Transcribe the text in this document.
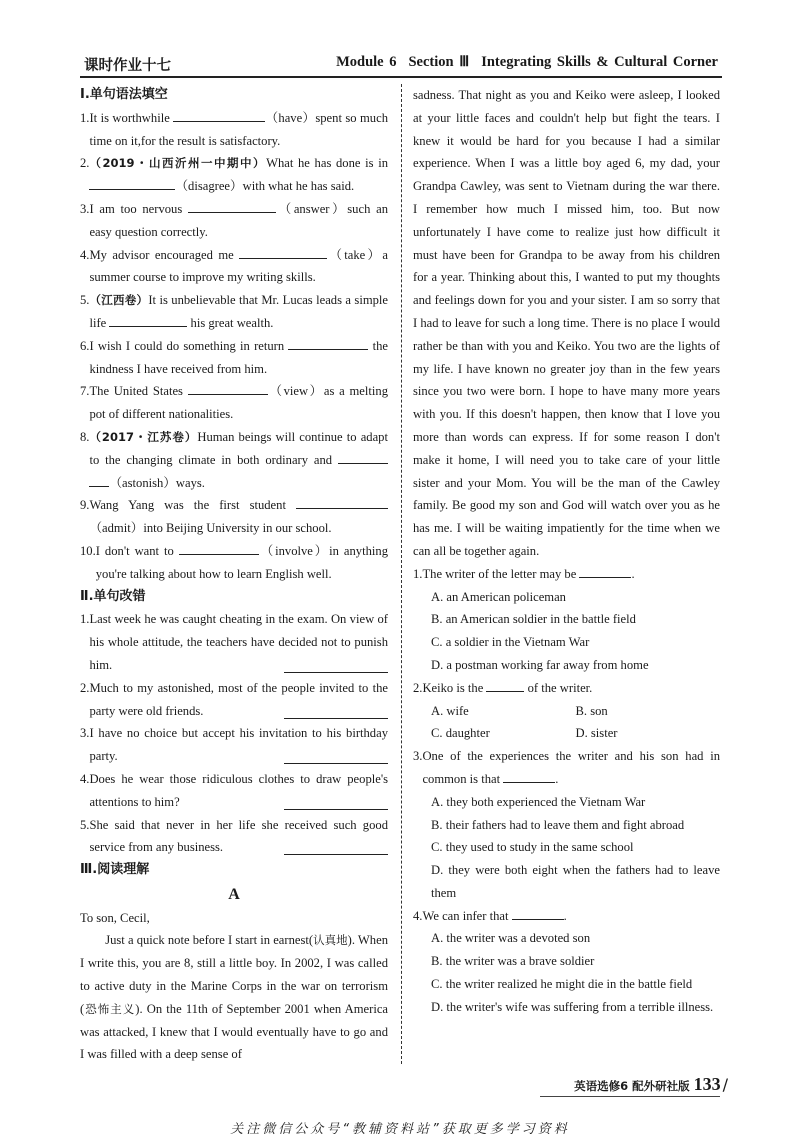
课时作业十七	Module 6 Section Ⅲ Integrating Skills & Cultural Corner
Ⅰ.单句语法填空
1. It is worthwhile	（have）spent so much time on it,for the result is satisfactory.
2. （2019・山西沂州一中期中）What he has done is in （disagree）with what he has said.
3. I am too nervous	（answer）such an easy question correctly.
4. My advisor encouraged me	（take）a summer course to improve my writing skills.
5. （江西卷）It is unbelievable that Mr. Lucas leads a simple life	his great wealth.
6. I wish I could do something in return	the kindness I have received from him.
7. The United States	（view）as a melting pot of different nationalities.
8. （2017・江苏卷）Human beings will continue to adapt to the changing climate in both ordinary and  （astonish）ways.
9. Wang Yang was the first student （admit）into Beijing University in our school.
10. I don't want to	（involve）in anything you're talking about how to learn English well.
Ⅱ.单句改错
1. Last week he was caught cheating in the exam. On view of his whole attitude, the teachers have decided not to punish him.
2. Much to my astonished, most of the people invited to the party were old friends.
3. I have no choice but accept his invitation to his birthday party.
4. Does he wear those ridiculous clothes to draw people's attentions to him?
5. She said that never in her life she received such good service from any business.
Ⅲ.阅读理解
A
To son, Cecil,
Just a quick note before I start in earnest(认真地). When I write this, you are 8, still a little boy. In 2002, I was called to active duty in the Marine Corps in the war on terrorism (恐怖主义). On the 11th of September 2001 when America was attacked, I knew that I would eventually have to go and I was filled with a deep sense of
sadness. That night as you and Keiko were asleep, I looked at your little faces and couldn't help but fight the tears. I knew it would be hard for you because I had a similar experience. When I was a little boy aged 6, my dad, your Grandpa Cawley, was sent to Vietnam during the war there. I remember how much I missed him, too. But now unfortunately I have come to realize just how difficult it must have been for Grandpa to be away from his children for a year. Thinking about this, I wanted to put my thoughts and feelings down for you and your sister. I am so sorry that I had to leave for such a long time. There is no place I would rather be than with you and Keiko. You two are the lights of my life. I have known no greater joy than in the few years since you two were born. I hope to have many more years with you. If this doesn't happen, then know that I love you more than words can express. If for some reason I don't make it home, I will need you to take care of your little sister and your Mom. You will be the man of the Cawley family. Be good my son and God will watch over you as he has me. I will be waiting impatiently for the time when we can all be together again.
1. The writer of the letter may be	.
A. an American policeman
B. an American soldier in the battle field
C. a soldier in the Vietnam War
D. a postman working far away from home
2. Keiko is the	of the writer.
A. wife	B. son
C. daughter	D. sister
3. One of the experiences the writer and his son had in common is that	.
A. they both experienced the Vietnam War
B. their fathers had to leave them and fight abroad
C. they used to study in the same school
D. they were both eight when the fathers had to leave them
4. We can infer that	.
A. the writer was a devoted son
B. the writer was a brave soldier
C. the writer realized he might die in the battle field
D. the writer's wife was suffering from a terrible illness.
英语选修6 配外研社版 133 /
关注微信公众号“教辅资料站”获取更多学习资料
